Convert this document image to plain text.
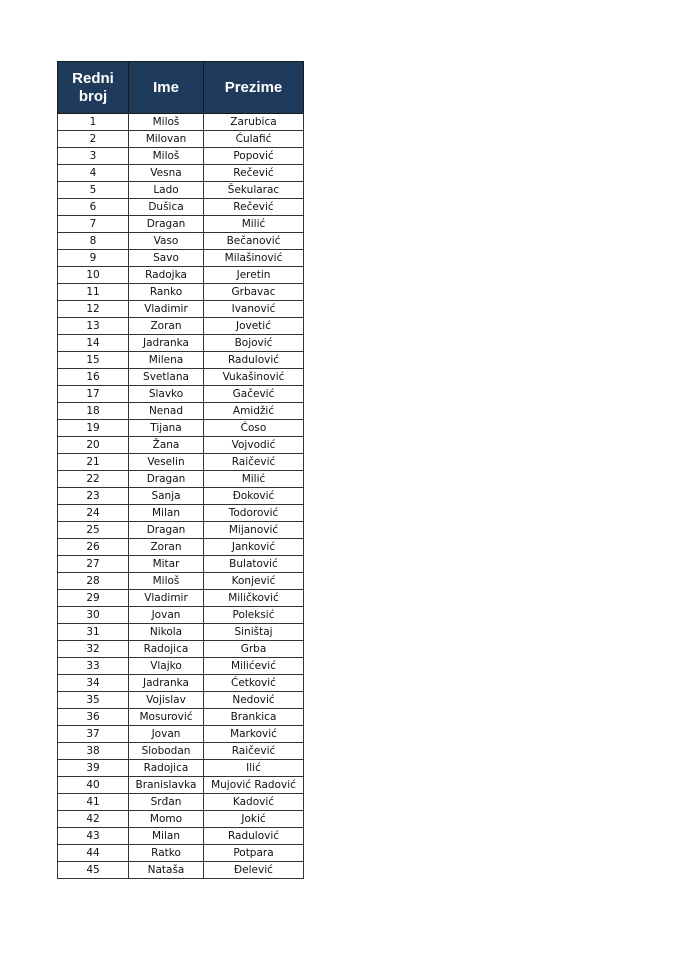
Redni broj	Ime	Prezime
1	Miloš	Zarubica
2	Milovan	Ćulafić
3	Miloš	Popović
4	Vesna	Rečević
5	Lado	Šekularac
6	Dušica	Rečević
7	Dragan	Milić
8	Vaso	Bečanović
9	Savo	Milašinović
10	Radojka	Jeretin
11	Ranko	Grbavac
12	Vladimir	Ivanović
13	Zoran	Jovetić
14	Jadranka	Bojović
15	Milena	Radulović
16	Svetlana	Vukašinović
17	Slavko	Gačević
18	Nenad	Amidžić
19	Tijana	Ćoso
20	Žana	Vojvodić
21	Veselin	Raičević
22	Dragan	Milić
23	Sanja	Đoković
24	Milan	Todorović
25	Dragan	Mijanović
26	Zoran	Janković
27	Mitar	Bulatović
28	Miloš	Konjević
29	Vladimir	Miličković
30	Jovan	Poleksić
31	Nikola	Siništaj
32	Radojica	Grba
33	Vlajko	Milićević
34	Jadranka	Ćetković
35	Vojislav	Nedović
36	Mosurović	Brankica
37	Jovan	Marković
38	Slobodan	Raičević
39	Radojica	Ilić
40	Branislavka	Mujović Radović
41	Srđan	Kadović
42	Momo	Jokić
43	Milan	Radulović
44	Ratko	Potpara
45	Nataša	Đelević
